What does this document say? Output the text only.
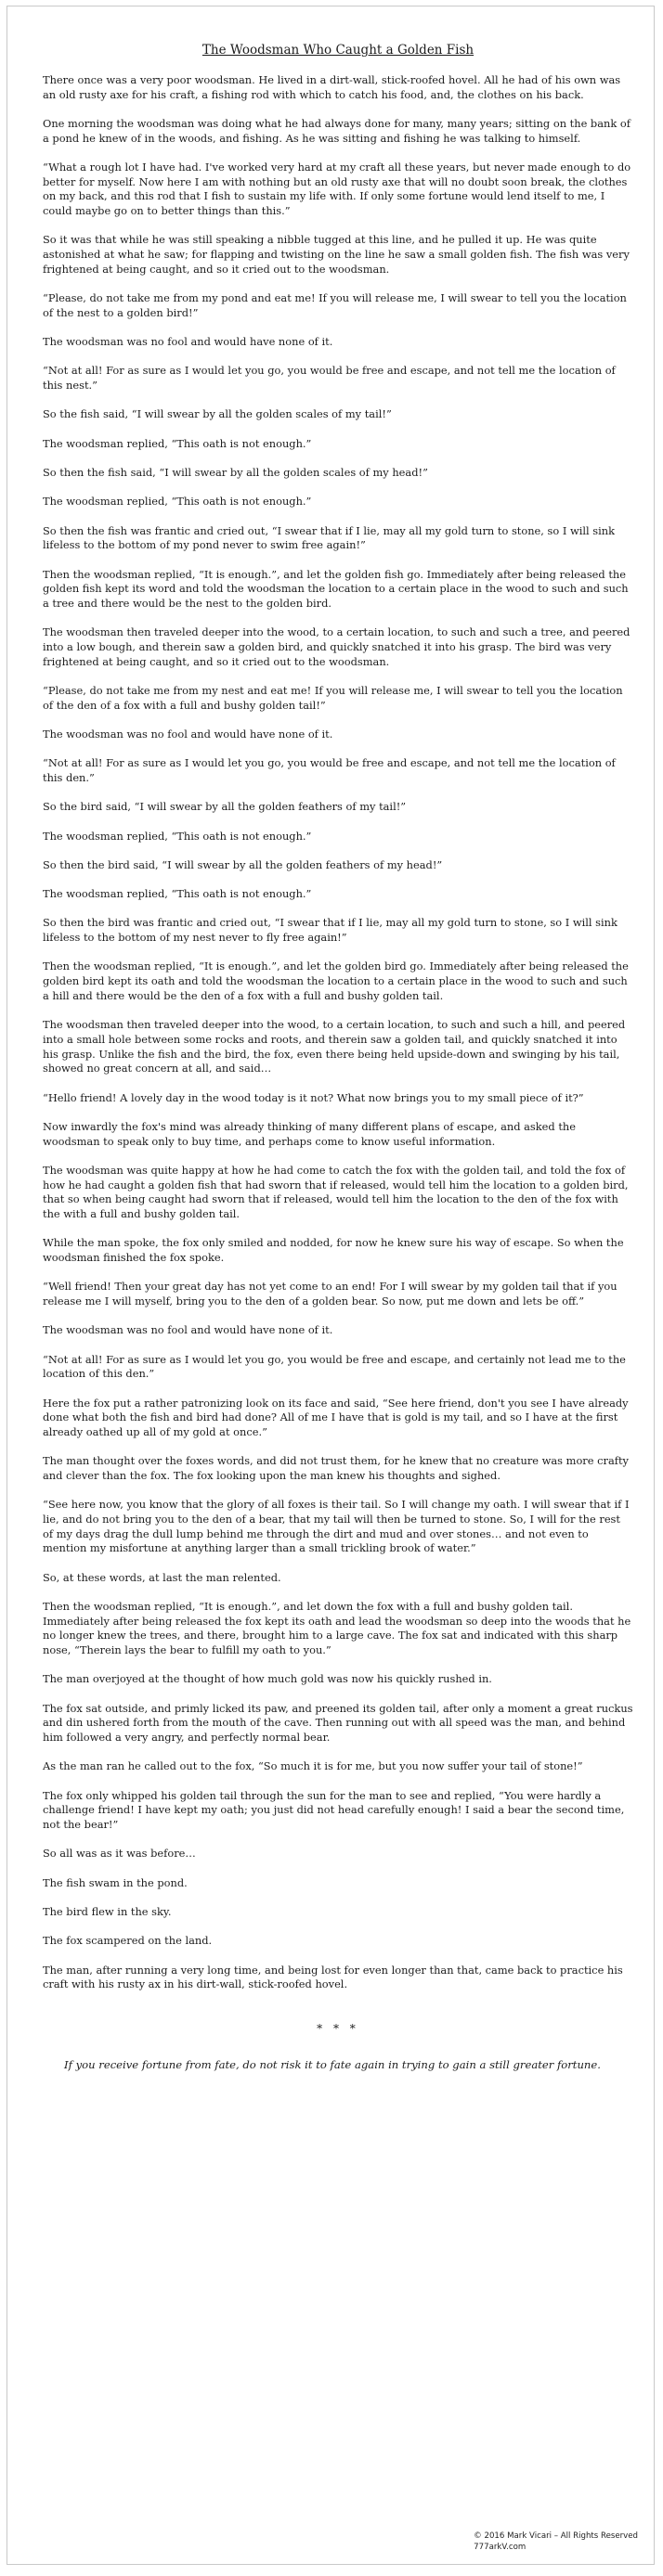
The Woodsman Who Caught a Golden Fish

There once was a very poor woodsman. He lived in a dirt-wall, stick-roofed hovel. All he had of his own was an old rusty axe for his craft, a fishing rod with which to catch his food, and, the clothes on his back.

One morning the woodsman was doing what he had always done for many, many years; sitting on the bank of a pond he knew of in the woods, and fishing. As he was sitting and fishing he was talking to himself.

“What a rough lot I have had. I've worked very hard at my craft all these years, but never made enough to do better for myself. Now here I am with nothing but an old rusty axe that will no doubt soon break, the clothes on my back, and this rod that I fish to sustain my life with. If only some fortune would lend itself to me, I could maybe go on to better things than this.”

So it was that while he was still speaking a nibble tugged at this line, and he pulled it up. He was quite astonished at what he saw; for flapping and twisting on the line he saw a small golden fish. The fish was very frightened at being caught, and so it cried out to the woodsman.

“Please, do not take me from my pond and eat me! If you will release me, I will swear to tell you the location of the nest to a golden bird!”

The woodsman was no fool and would have none of it.

“Not at all! For as sure as I would let you go, you would be free and escape, and not tell me the location of this nest.”

So the fish said, “I will swear by all the golden scales of my tail!”

The woodsman replied, “This oath is not enough.”

So then the fish said, “I will swear by all the golden scales of my head!”

The woodsman replied, “This oath is not enough.”

So then the fish was frantic and cried out, “I swear that if I lie, may all my gold turn to stone, so I will sink lifeless to the bottom of my pond never to swim free again!”

Then the woodsman replied, “It is enough.”, and let the golden fish go. Immediately after being released the golden fish kept its word and told the woodsman the location to a certain place in the wood to such and such a tree and there would be the nest to the golden bird.

The woodsman then traveled deeper into the wood, to a certain location, to such and such a tree, and peered into a low bough, and therein saw a golden bird, and quickly snatched it into his grasp. The bird was very frightened at being caught, and so it cried out to the woodsman.

“Please, do not take me from my nest and eat me! If you will release me, I will swear to tell you the location of the den of a fox with a full and bushy golden tail!”

The woodsman was no fool and would have none of it.

“Not at all! For as sure as I would let you go, you would be free and escape, and not tell me the location of this den.”

So the bird said, “I will swear by all the golden feathers of my tail!”

The woodsman replied, “This oath is not enough.”

So then the bird said, “I will swear by all the golden feathers of my head!”

The woodsman replied, “This oath is not enough.”

So then the bird was frantic and cried out, “I swear that if I lie, may all my gold turn to stone, so I will sink lifeless to the bottom of my nest never to fly free again!”

Then the woodsman replied, “It is enough.”, and let the golden bird go. Immediately after being released the golden bird kept its oath and told the woodsman the location to a certain place in the wood to such and such a hill and there would be the den of a fox with a full and bushy golden tail.

The woodsman then traveled deeper into the wood, to a certain location, to such and such a hill, and peered into a small hole between some rocks and roots, and therein saw a golden tail, and quickly snatched it into his grasp. Unlike the fish and the bird, the fox, even there being held upside-down and swinging by his tail, showed no great concern at all, and said…

“Hello friend! A lovely day in the wood today is it not? What now brings you to my small piece of it?”

Now inwardly the fox's mind was already thinking of many different plans of escape, and asked the woodsman to speak only to buy time, and perhaps come to know useful information.

The woodsman was quite happy at how he had come to catch the fox with the golden tail, and told the fox of how he had caught a golden fish that had sworn that if released, would tell him the location to a golden bird, that so when being caught had sworn that if released, would tell him the location to the den of the fox with the with a full and bushy golden tail.

While the man spoke, the fox only smiled and nodded, for now he knew sure his way of escape. So when the woodsman finished the fox spoke.

“Well friend! Then your great day has not yet come to an end! For I will swear by my golden tail that if you release me I will myself, bring you to the den of a golden bear. So now, put me down and lets be off.”

The woodsman was no fool and would have none of it.

“Not at all! For as sure as I would let you go, you would be free and escape, and certainly not lead me to the location of this den.”

Here the fox put a rather patronizing look on its face and said, “See here friend, don't you see I have already done what both the fish and bird had done? All of me I have that is gold is my tail, and so I have at the first already oathed up all of my gold at once.”

The man thought over the foxes words, and did not trust them, for he knew that no creature was more crafty and clever than the fox. The fox looking upon the man knew his thoughts and sighed.

“See here now, you know that the glory of all foxes is their tail. So I will change my oath. I will swear that if I lie, and do not bring you to the den of a bear, that my tail will then be turned to stone. So, I will for the rest of my days drag the dull lump behind me through the dirt and mud and over stones… and not even to mention my misfortune at anything larger than a small trickling brook of water.”

So, at these words, at last the man relented.

Then the woodsman replied, “It is enough.”, and let down the fox with a full and bushy golden tail. Immediately after being released the fox kept its oath and lead the woodsman so deep into the woods that he no longer knew the trees, and there, brought him to a large cave. The fox sat and indicated with this sharp nose, “Therein lays the bear to fulfill my oath to you.”

The man overjoyed at the thought of how much gold was now his quickly rushed in.

The fox sat outside, and primly licked its paw, and preened its golden tail, after only a moment a great ruckus and din ushered forth from the mouth of the cave. Then running out with all speed was the man, and behind him followed a very angry, and perfectly normal bear.

As the man ran he called out to the fox, “So much it is for me, but you now suffer your tail of stone!”

The fox only whipped his golden tail through the sun for the man to see and replied, “You were hardly a challenge friend! I have kept my oath; you just did not head carefully enough! I said a bear the second time, not the bear!”

So all was as it was before…

The fish swam in the pond.

The bird flew in the sky.

The fox scampered on the land.

The man, after running a very long time, and being lost for even longer than that, came back to practice his craft with his rusty ax in his dirt-wall, stick-roofed hovel.

* * *
If you receive fortune from fate, do not risk it to fate again in trying to gain a still greater fortune.
© 2016 Mark Vicari – All Rights Reserved
777arkV.com
